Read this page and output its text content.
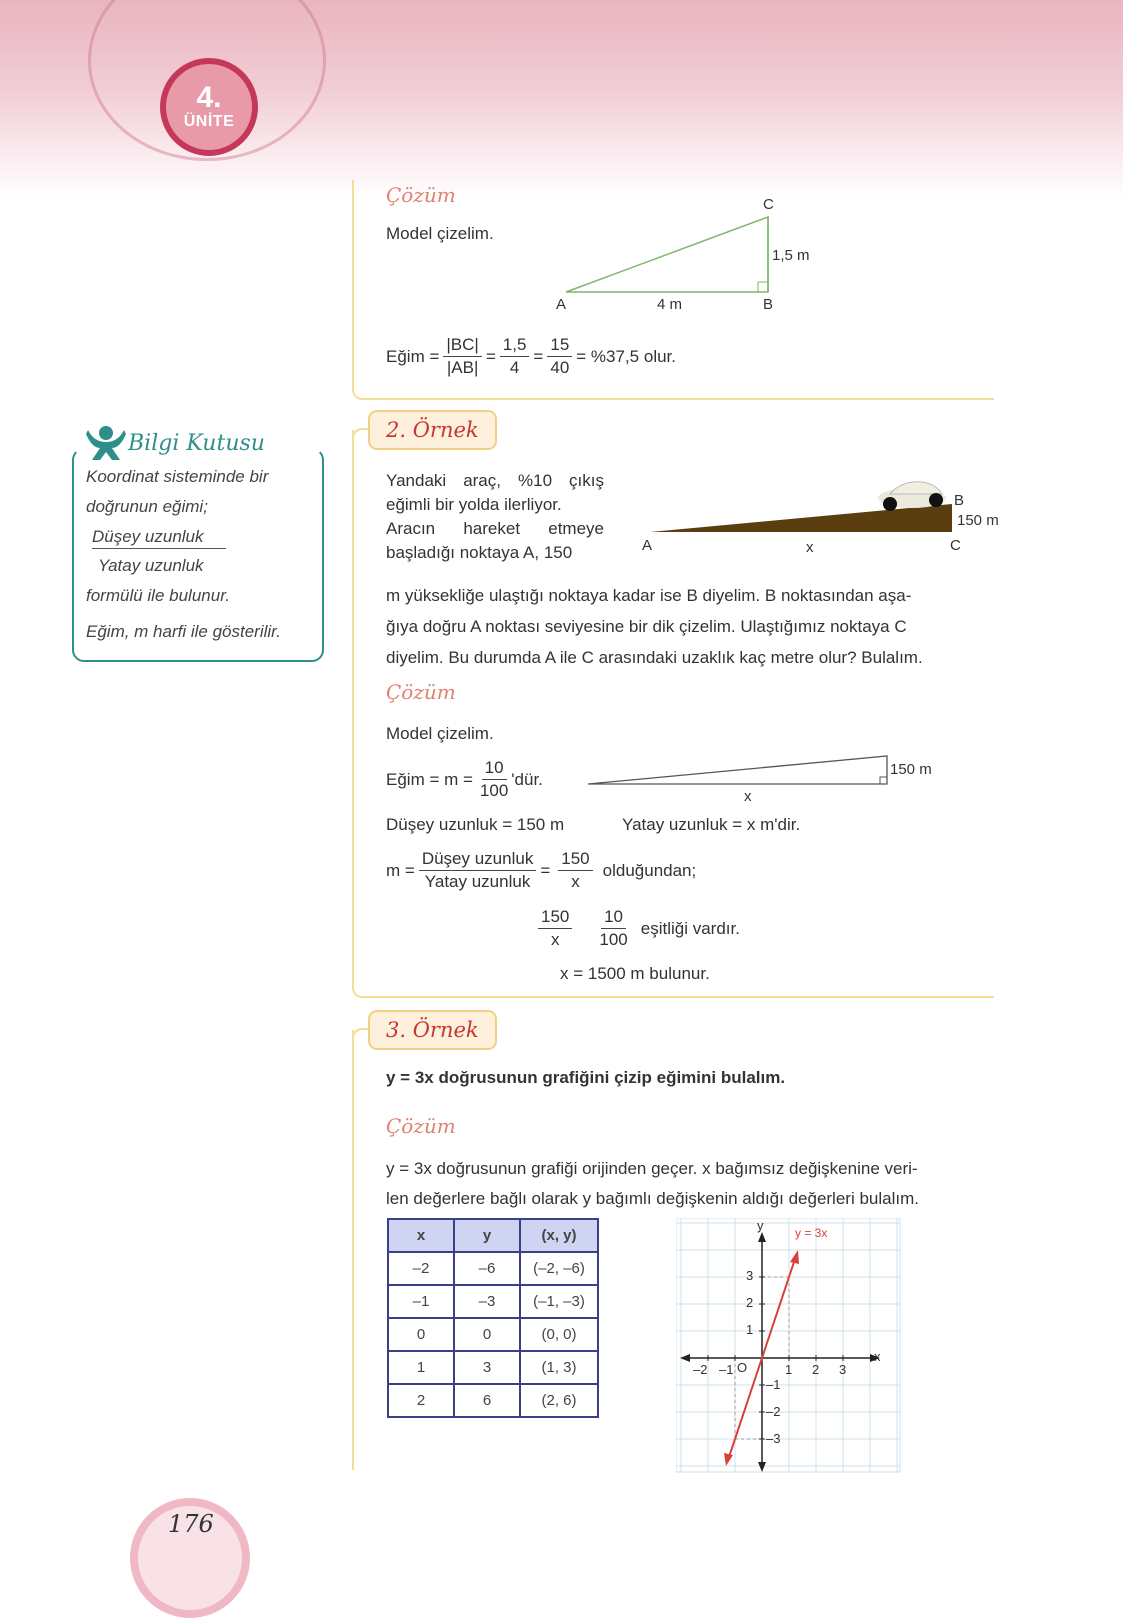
4.
ÜNİTE
Çözüm
Model çizelim.
A	B
C
4 m
1,5 m
Eğim = $\frac{|BC|}{|AB|} = \frac{1,5}{4} = \frac{15}{40} = \%37,5$ olur.
Bilgi Kutusu
Koordinat sisteminde bir
doğrunun eğimi;
Düşey uzunluk
Yatay uzunluk
formülü ile bulunur.
Eğim, m harfi ile gösterilir.
2. Örnek
Yandaki araç, %10 çıkış
eğimli bir yolda ilerliyor.
Aracın hareket etmeye
başladığı noktaya A, 150
m yüksekliğe ulaştığı noktaya kadar ise B diyelim. B noktasından aşa-
ğıya doğru A noktası seviyesine bir dik çizelim. Ulaştığımız noktaya C
diyelim. Bu durumda A ile C arasındaki uzaklık kaç metre olur? Bulalım.
A
B
C
x
150 m
Çözüm
Model çizelim.
Eğim = $m = \frac{10}{100}$ 'dür.	150 m
x
Düşey uzunluk = 150 m	Yatay uzunluk = x m'dir.
$m = \frac{\text{Düşey uzunluk}}{\text{Yatay uzunluk}} = \frac{150}{x}$ olduğundan;
$\frac{150}{x} \frac{10}{100}$ eşitliği vardır.
x = 1500 m bulunur.
3. Örnek
y = 3x doğrusunun grafiğini çizip eğimini bulalım.
Çözüm
y = 3x doğrusunun grafiği orijinden geçer. x bağımsız değişkenine veri-
len değerlere bağlı olarak y bağımlı değişkenin aldığı değerleri bulalım.
x	y	(x, y)
–2	–6	(–2, –6)
–1	–3	(–1, –3)
0	0	(0, 0)
1	3	(1, 3)
2	6	(2, 6)
y = 3x
y
x
O
–2 –1	1 2 3
3
2
1
–1
–2
–3
176
